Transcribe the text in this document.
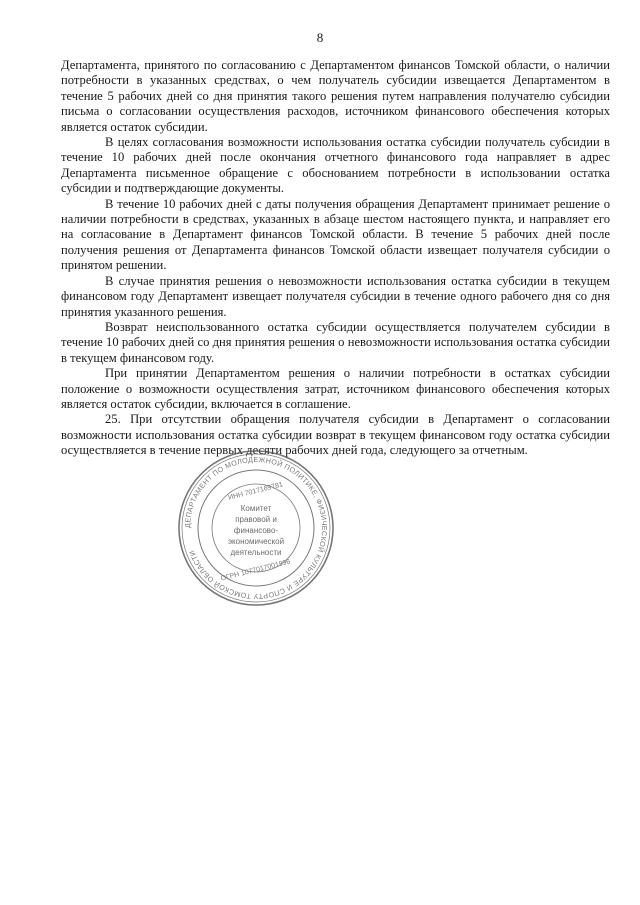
8

Департамента, принятого по согласованию с Департаментом финансов Томской области, о наличии потребности в указанных средствах, о чем получатель субсидии извещается Департаментом в течение 5 рабочих дней со дня принятия такого решения путем направления получателю субсидии письма о согласовании осуществления расходов, источником финансового обеспечения которых является остаток субсидии.

В целях согласования возможности использования остатка субсидии получатель субсидии в течение 10 рабочих дней после окончания отчетного финансового года направляет в адрес Департамента письменное обращение с обоснованием потребности в использовании остатка субсидии и подтверждающие документы.

В течение 10 рабочих дней с даты получения обращения Департамент принимает решение о наличии потребности в средствах, указанных в абзаце шестом настоящего пункта, и направляет его на согласование в Департамент финансов Томской области. В течение 5 рабочих дней после получения решения от Департамента финансов Томской области извещает получателя субсидии о принятом решении.

В случае принятия решения о невозможности использования остатка субсидии в текущем финансовом году Департамент извещает получателя субсидии в течение одного рабочего дня со дня принятия указанного решения.

Возврат неиспользованного остатка субсидии осуществляется получателем субсидии в течение 10 рабочих дней со дня принятия решения о невозможности использования остатка субсидии в текущем финансовом году.

При принятии Департаментом решения о наличии потребности в остатках субсидии положение о возможности осуществления затрат, источником финансового обеспечения которых является остаток субсидии, включается в соглашение.

25. При отсутствии обращения получателя субсидии в Департамент о согласовании возможности использования остатка субсидии возврат в текущем финансовом году остатка субсидии осуществляется в течение первых десяти рабочих дней года, следующего за отчетным.

ДЕПАРТАМЕНТ ПО МОЛОДЕЖНОЙ ПОЛИТИКЕ, ФИЗИЧЕСКОЙ КУЛЬТУРЕ И СПОРТУ ТОМСКОЙ ОБЛАСТИ
ИНН 7017169781
ОГРН 1077017001996
Комитет
правовой и
финансово-
экономической
деятельности
